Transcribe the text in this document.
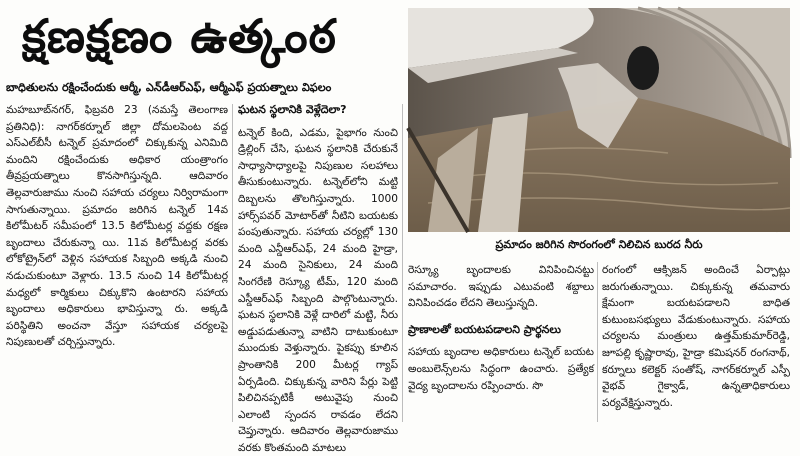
క్షణక్షణం ఉత్కంఠ
బాధితులను రక్షించేందుకు ఆర్మీ, ఎన్‌డీఆర్‌ఎఫ్, ఆర్మీఎఫ్ ప్రయత్నాలు విఫలం
ప్రమాదం జరిగిన సొరంగంలో నిలిచిన బురద నీరు

మహబూబ్‌నగర్, ఫిబ్రవరి 23 (నమస్తే తెలంగాణ ప్రతినిధి): నాగర్‌కర్నూల్ జిల్లా దోమలపెంట వద్ద ఎస్‌ఎల్‌బీసీ టన్నెల్ ప్రమాదంలో చిక్కుకున్న ఎనిమిది మందిని రక్షించేందుకు అధికార యంత్రాంగం తీవ్రప్రయత్నాలు కొనసాగిస్తున్నది. ఆదివారం తెల్లవారుజాము నుంచి సహాయ చర్యలు నిర్విరామంగా సాగుతున్నాయి. ప్రమాదం జరిగిన టన్నెల్ 14వ కిలోమీటర్ సమీపంలో 13.5 కిలోమీటర్ల వద్దకు రక్షణ బృందాలు చేరుకున్నా యి. 11వ కిలోమీటర్ల వరకు లోకోట్రైన్‌లో వెళ్లిన సహాయక సిబ్బంది అక్కడి నుంచి నడుచుకుంటూ వెళ్లారు. 13.5 నుంచి 14 కిలోమీటర్ల మధ్యలో కార్మికులు చిక్కుకొని ఉంటారని సహాయ బృందాలు అధికారులు భావిస్తున్నా రు. అక్కడి పరిస్థితిని అంచనా వేస్తూ సహాయక చర్యలపై నిపుణులతో చర్చిస్తున్నారు.

ఘటన స్థలానికి వెళ్లేదెలా?

టన్నెల్ కింది, ఎడమ, పైభాగం నుంచి డ్రిల్లింగ్ చేసి, ఘటన స్థలానికి చేరుకునే సాధ్యాసాధ్యాలపై నిపుణుల సలహాలు తీసుకుంటున్నారు. టన్నెల్‌లోని మట్టి దిబ్బలను తొలగిస్తున్నారు. 1000 హార్స్‌పవర్ మోటార్‌తో నీటిని బయటకు పంపుతున్నారు. సహాయ చర్యల్లో 130 మంది ఎన్డీఆర్ఎఫ్, 24 మంది హైడ్రా, 24 మంది సైనికులు, 24 మంది సింగరేణి రెస్క్యూ టీమ్, 120 మంది ఎస్డీఆర్ఎఫ్ సిబ్బంది పాల్గొంటున్నారు. ఘటన స్థలానికి వెళ్లే దారిలో మట్టి, నీరు అడ్డుపడుతున్నా వాటిని దాటుకుంటూ ముందుకు వెళ్తున్నారు. పైకప్పు కూలిన ప్రాంతానికి 200 మీటర్ల గ్యాప్ ఏర్పడింది. చిక్కుకున్న వారిని పేర్లు పెట్టి పిలిచినప్పటికీ అటువైపు నుంచి ఎలాంటి స్పందన రావడం లేదని చెప్తున్నారు. ఆదివారం తెల్లవారుజాము వరకు కొంతమంది మాటలు

రెస్క్యూ బృందాలకు వినిపించినట్టు సమాచారం. ఇప్పుడు ఎటువంటి శబ్దాలు వినిపించడం లేదని తెలుస్తున్నది.

ప్రాణాలతో బయటపడాలని ప్రార్థనలు

సహాయ బృందాల అధికారులు టన్నెల్ బయట అంబులెన్స్‌లను సిద్ధంగా ఉంచారు. ప్రత్యేక వైద్య బృందాలను రప్పించారు. సొ

రంగంలో ఆక్సిజన్ అందించే ఏర్పాట్లు జరుగుతున్నాయి. చిక్కుకున్న తమవారు క్షేమంగా బయటపడాలని బాధిత కుటుంబసభ్యులు వేడుకుంటున్నారు. సహాయ చర్యలను మంత్రులు ఉత్తమ్‌కుమార్‌రెడ్డి, జూపల్లి కృష్ణారావు, హైడ్రా కమిషనర్ రంగనాథ్, కర్నూలు కలెక్టర్ సంతోష్, నాగర్‌కర్నూల్ ఎస్పీ వైభవ్ గైక్వాడ్, ఉన్నతాధికారులు పర్యవేక్షిస్తున్నారు.
